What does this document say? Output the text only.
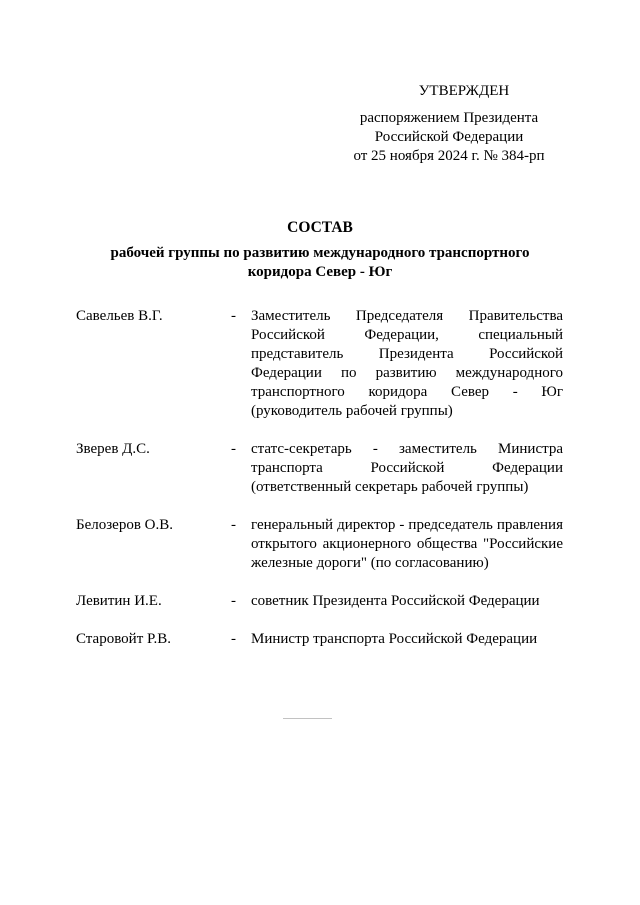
УТВЕРЖДЕН
распоряжением Президента
Российской Федерации
от 25 ноября 2024 г. № 384-рп
СОСТАВ
рабочей группы по развитию международного транспортного
коридора Север - Юг
Савельев В.Г.	- Заместитель Председателя Правительства Российской Федерации, специальный представитель Президента Российской Федерации по развитию международного транспортного коридора Север - Юг (руководитель рабочей группы)
Зверев Д.С.	- статс-секретарь - заместитель Министра транспорта Российской Федерации (ответственный секретарь рабочей группы)
Белозеров О.В.	- генеральный директор - председатель правления открытого акционерного общества "Российские железные дороги" (по согласованию)
Левитин И.Е.	- советник Президента Российской Федерации
Старовойт Р.В.	- Министр транспорта Российской Федерации
0000000000000000000000000000000000000000000000000
